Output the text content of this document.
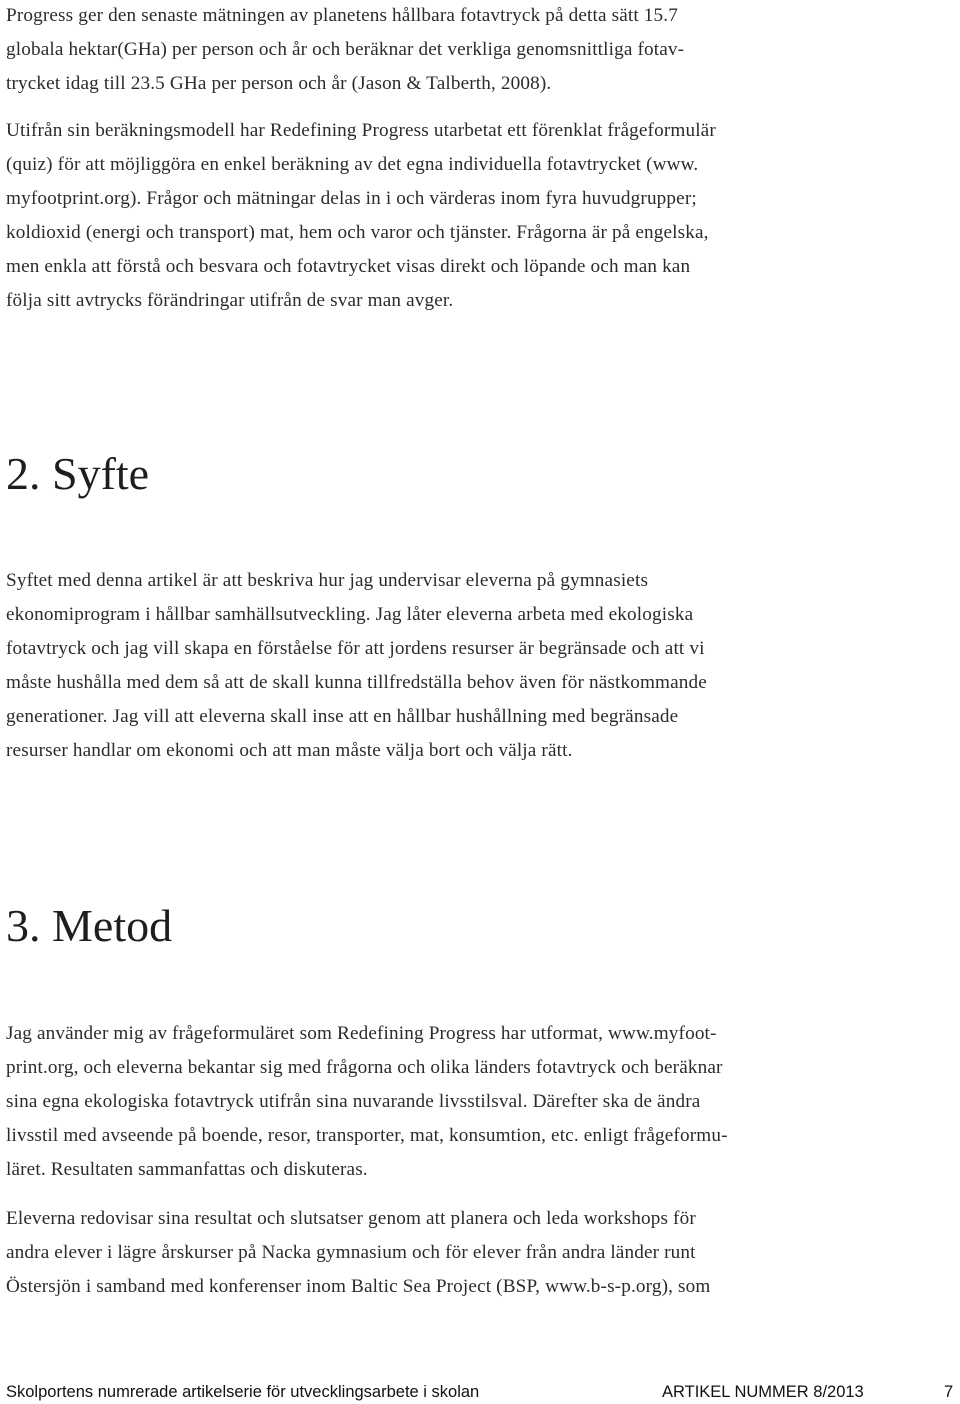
Progress ger den senaste mätningen av planetens hållbara fotavtryck på detta sätt 15.7
globala hektar(GHa) per person och år och beräknar det verkliga genomsnittliga fotav-
trycket idag till 23.5 GHa per person och år (Jason & Talberth, 2008).

Utifrån sin beräkningsmodell har Redefining Progress utarbetat ett förenklat frågeformulär
(quiz) för att möjliggöra en enkel beräkning av det egna individuella fotavtrycket (www.
myfootprint.org). Frågor och mätningar delas in i och värderas inom fyra huvudgrupper;
koldioxid (energi och transport) mat, hem och varor och tjänster. Frågorna är på engelska,
men enkla att förstå och besvara och fotavtrycket visas direkt och löpande och man kan
följa sitt avtrycks förändringar utifrån de svar man avger.

2. Syfte

Syftet med denna artikel är att beskriva hur jag undervisar eleverna på gymnasiets
ekonomiprogram i hållbar samhällsutveckling. Jag låter eleverna arbeta med ekologiska
fotavtryck och jag vill skapa en förståelse för att jordens resurser är begränsade och att vi
måste hushålla med dem så att de skall kunna tillfredställa behov även för nästkommande
generationer. Jag vill att eleverna skall inse att en hållbar hushållning med begränsade
resurser handlar om ekonomi och att man måste välja bort och välja rätt.

3. Metod

Jag använder mig av frågeformuläret som Redefining Progress har utformat, www.myfoot-
print.org, och eleverna bekantar sig med frågorna och olika länders fotavtryck och beräknar
sina egna ekologiska fotavtryck utifrån sina nuvarande livsstilsval. Därefter ska de ändra
livsstil med avseende på boende, resor, transporter, mat, konsumtion, etc. enligt frågeformu-
läret. Resultaten sammanfattas och diskuteras.

Eleverna redovisar sina resultat och slutsatser genom att planera och leda workshops för
andra elever i lägre årskurser på Nacka gymnasium och för elever från andra länder runt
Östersjön i samband med konferenser inom Baltic Sea Project (BSP, www.b-s-p.org), som

Skolportens numrerade artikelserie för utvecklingsarbete i skolan	ARTIKEL NUMMER 8/2013	7
